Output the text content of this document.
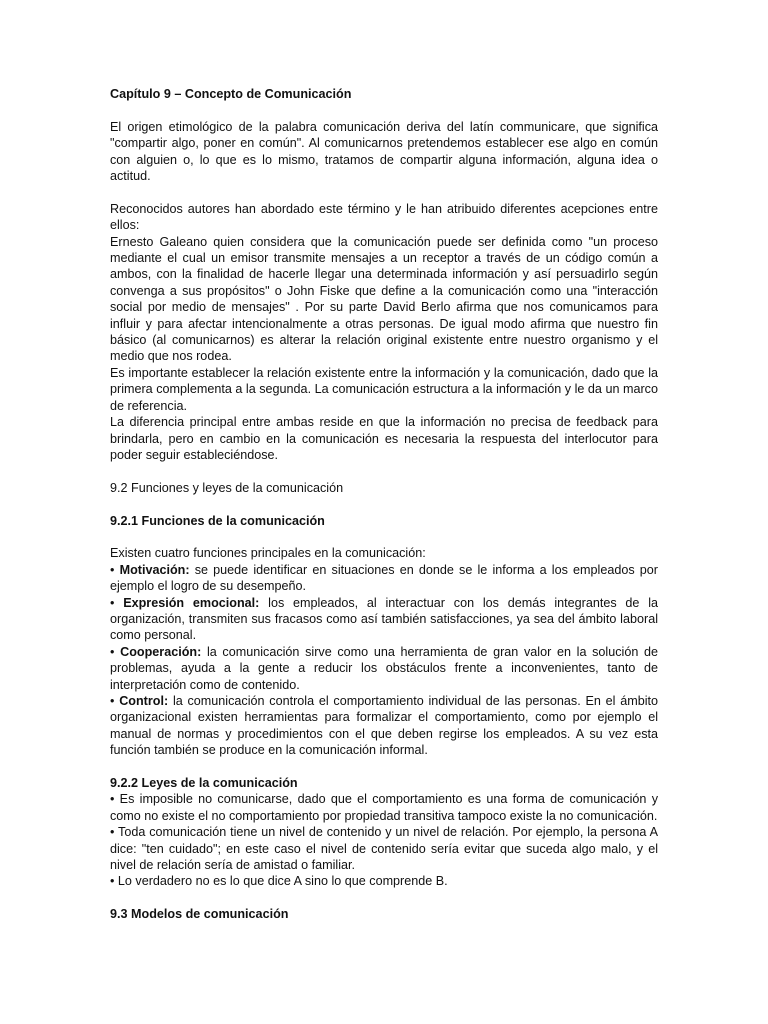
Capítulo 9 – Concepto de Comunicación

El origen etimológico de la palabra comunicación deriva del latín communicare, que significa "compartir algo, poner en común". Al comunicarnos pretendemos establecer ese algo en común con alguien o, lo que es lo mismo, tratamos de compartir alguna información, alguna idea o actitud.

Reconocidos autores han abordado este término y le han atribuido diferentes acepciones entre ellos:

Ernesto Galeano quien considera que la comunicación puede ser definida como "un proceso mediante el cual un emisor transmite mensajes a un receptor a través de un código común a ambos, con la finalidad de hacerle llegar una determinada información y así persuadirlo según convenga a sus propósitos" o John Fiske que define a la comunicación como una "interacción social por medio de mensajes" . Por su parte David Berlo afirma que nos comunicamos para influir y para afectar intencionalmente a otras personas. De igual modo afirma que nuestro fin básico (al comunicarnos) es alterar la relación original existente entre nuestro organismo y el medio que nos rodea.

Es importante establecer la relación existente entre la información y la comunicación, dado que la primera complementa a la segunda. La comunicación estructura a la información y le da un marco de referencia.

La diferencia principal entre ambas reside en que la información no precisa de feedback para brindarla, pero en cambio en la comunicación es necesaria la respuesta del interlocutor para poder seguir estableciéndose.

9.2 Funciones y leyes de la comunicación

9.2.1 Funciones de la comunicación

Existen cuatro funciones principales en la comunicación:

• Motivación: se puede identificar en situaciones en donde se le informa a los empleados por ejemplo el logro de su desempeño.

• Expresión emocional: los empleados, al interactuar con los demás integrantes de la organización, transmiten sus fracasos como así también satisfacciones, ya sea del ámbito laboral como personal.

• Cooperación: la comunicación sirve como una herramienta de gran valor en la solución de problemas, ayuda a la gente a reducir los obstáculos frente a inconvenientes, tanto de interpretación como de contenido.

• Control: la comunicación controla el comportamiento individual de las personas. En el ámbito organizacional existen herramientas para formalizar el comportamiento, como por ejemplo el manual de normas y procedimientos con el que deben regirse los empleados. A su vez esta función también se produce en la comunicación informal.

9.2.2 Leyes de la comunicación

• Es imposible no comunicarse, dado que el comportamiento es una forma de comunicación y como no existe el no comportamiento por propiedad transitiva tampoco existe la no comunicación.

• Toda comunicación tiene un nivel de contenido y un nivel de relación. Por ejemplo, la persona A dice: "ten cuidado"; en este caso el nivel de contenido sería evitar que suceda algo malo, y el nivel de relación sería de amistad o familiar.

• Lo verdadero no es lo que dice A sino lo que comprende B.

9.3 Modelos de comunicación
